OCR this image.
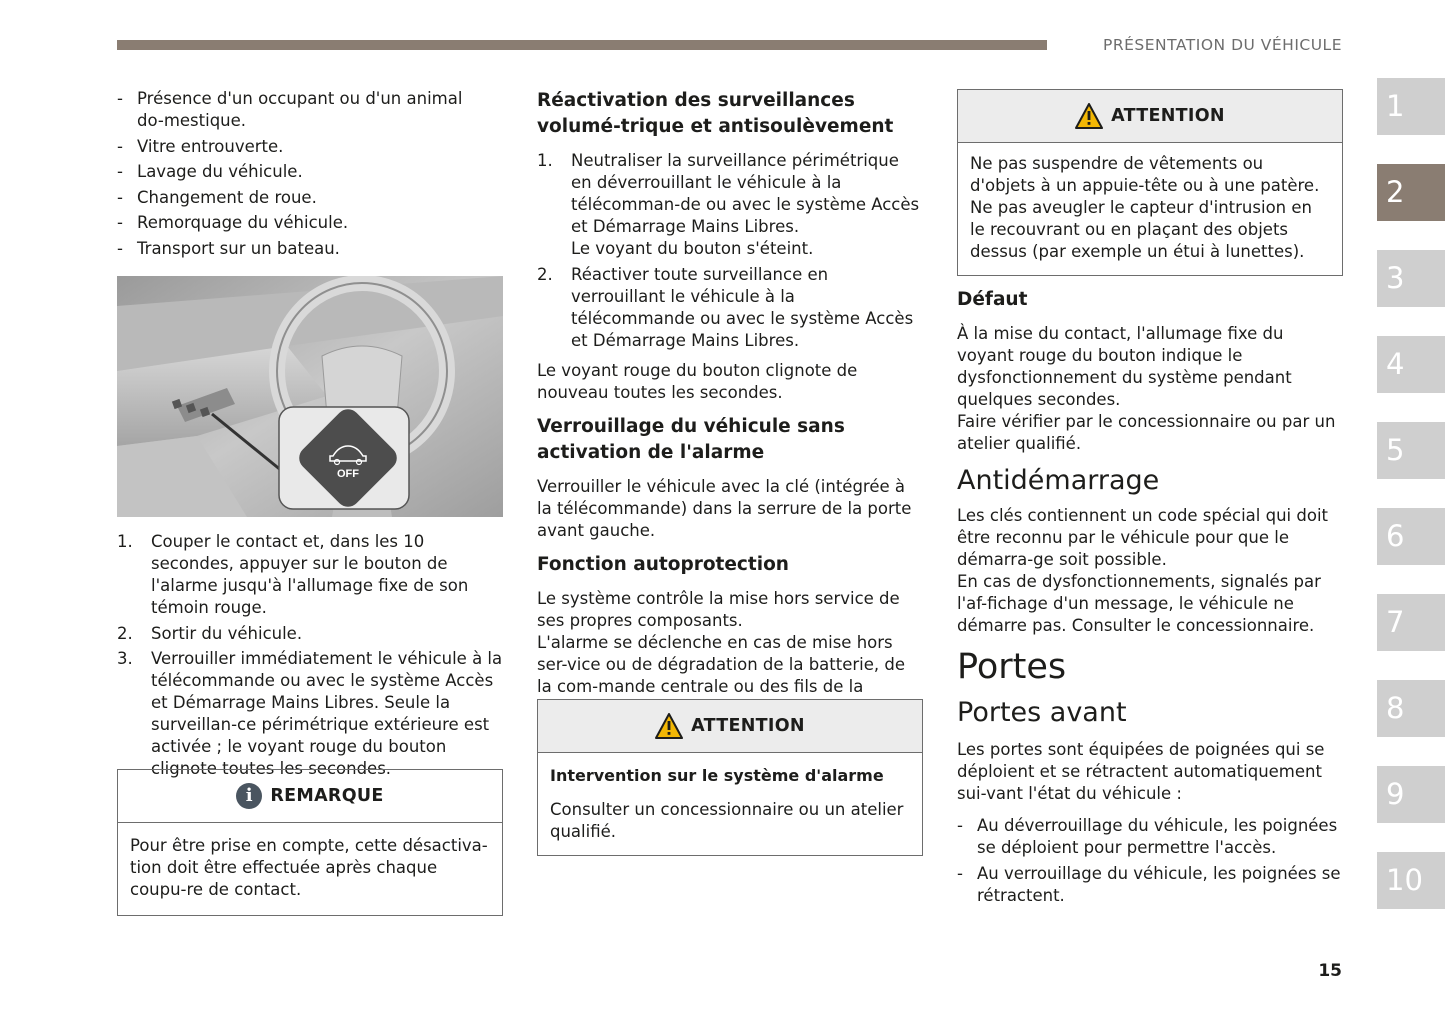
PRÉSENTATION DU VÉHICULE
- Présence d'un occupant ou d'un animal do-mestique.
- Vitre entrouverte.
- Lavage du véhicule.
- Changement de roue.
- Remorquage du véhicule.
- Transport sur un bateau.
OFF
1. Couper le contact et, dans les 10 secondes, appuyer sur le bouton de l'alarme jusqu'à l'allumage fixe de son témoin rouge.
2. Sortir du véhicule.
3. Verrouiller immédiatement le véhicule à la télécommande ou avec le système Accès et Démarrage Mains Libres. Seule la surveillan-ce périmétrique extérieure est activée ; le voyant rouge du bouton clignote toutes les secondes.
i REMARQUE
Pour être prise en compte, cette désactiva-tion doit être effectuée après chaque coupu-re de contact.
Réactivation des surveillances volumé-trique et antisoulèvement
1. Neutraliser la surveillance périmétrique en déverrouillant le véhicule à la télécomman-de ou avec le système Accès et Démarrage Mains Libres.
Le voyant du bouton s'éteint.
2. Réactiver toute surveillance en verrouillant le véhicule à la télécommande ou avec le système Accès et Démarrage Mains Libres.

Le voyant rouge du bouton clignote de nouveau toutes les secondes.

Verrouillage du véhicule sans activation de l'alarme

Verrouiller le véhicule avec la clé (intégrée à la télécommande) dans la serrure de la porte avant gauche.

Fonction autoprotection

Le système contrôle la mise hors service de ses propres composants.

L'alarme se déclenche en cas de mise hors ser-vice ou de dégradation de la batterie, de la com-mande centrale ou des fils de la

ATTENTION

Intervention sur le système d'alarme

Consulter un concessionnaire ou un atelier qualifié.

ATTENTION

Ne pas suspendre de vêtements ou d'objets à un appuie-tête ou à une patère.

Ne pas aveugler le capteur d'intrusion en le recouvrant ou en plaçant des objets dessus (par exemple un étui à lunettes).

Défaut

À la mise du contact, l'allumage fixe du voyant rouge du bouton indique le dysfonctionnement du système pendant quelques secondes.

Faire vérifier par le concessionnaire ou par un atelier qualifié.

Antidémarrage

Les clés contiennent un code spécial qui doit être reconnu par le véhicule pour que le démarra-ge soit possible.

En cas de dysfonctionnements, signalés par l'af-fichage d'un message, le véhicule ne démarre pas. Consulter le concessionnaire.

Portes
Portes avant

Les portes sont équipées de poignées qui se déploient et se rétractent automatiquement sui-vant l'état du véhicule :

- Au déverrouillage du véhicule, les poignées se déploient pour permettre l'accès.
- Au verrouillage du véhicule, les poignées se rétractent.
1
2
3
4
5
6
7
8
9
10
15
